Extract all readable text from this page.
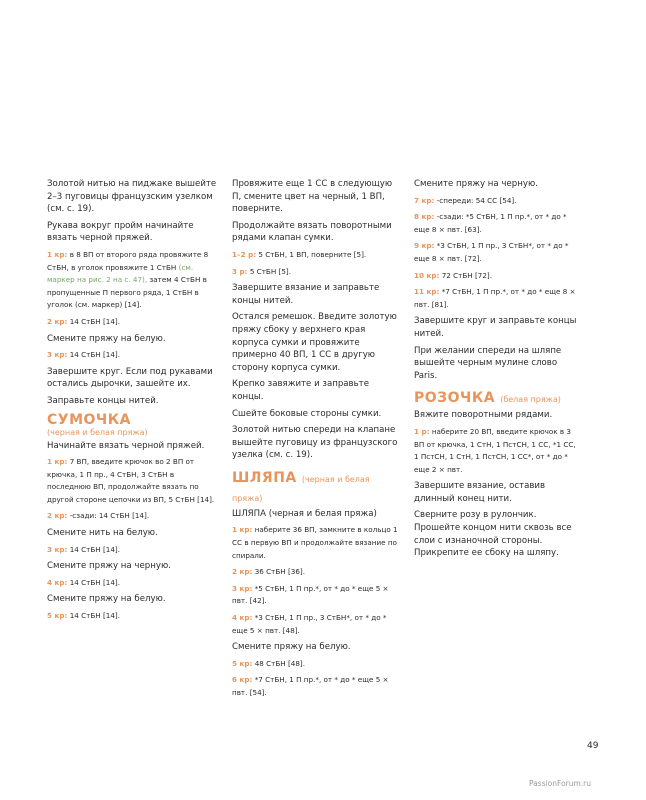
Золотой нитью на пиджаке вышейте 2–3 пуговицы французским узелком (см. с. 19).

Рукава вокруг пройм начинайте вязать черной пряжей.

1 кр: в 8 ВП от второго ряда провяжите 8 СтБН, в уголок провяжите 1 СтБН (см. маркер на рис. 2 на с. 47), затем 4 СтБН в пропущенные П первого ряда, 1 СтБН в уголок (см. маркер) [14].

2 кр: 14 СтБН [14].

Смените пряжу на белую.

3 кр: 14 СтБН [14].

Завершите круг. Если под рукавами остались дырочки, зашейте их.

Заправьте концы нитей.

СУМОЧКА
(черная и белая пряжа)

Начинайте вязать черной пряжей.

1 кр: 7 ВП, введите крючок во 2 ВП от крючка, 1 П пр., 4 СтБН, 3 СтБН в последнюю ВП, продолжайте вязать по другой стороне цепочки из ВП, 5 СтБН [14].

2 кр: -сзади: 14 СтБН [14].

Смените нить на белую.

3 кр: 14 СтБН [14].

Смените пряжу на черную.

4 кр: 14 СтБН [14].

Смените пряжу на белую.

5 кр: 14 СтБН [14].

Провяжите еще 1 СС в следующую П, смените цвет на черный, 1 ВП, поверните.

Продолжайте вязать поворотными рядами клапан сумки.

1–2 р: 5 СтБН, 1 ВП, поверните [5].

3 р: 5 СтБН [5].

Завершите вязание и заправьте концы нитей.

Остался ремешок. Введите золотую пряжу сбоку у верхнего края корпуса сумки и провяжите примерно 40 ВП, 1 СС в другую сторону корпуса сумки.

Крепко завяжите и заправьте концы.

Сшейте боковые стороны сумки.

Золотой нитью спереди на клапане вышейте пуговицу из французского узелка (см. с. 19).

ШЛЯПА (черная и белая пряжа)

ШЛЯПА (черная и белая пряжа)

1 кр: наберите 36 ВП, замкните в кольцо 1 СС в первую ВП и продолжайте вязание по спирали.

2 кр: 36 СтБН [36].

3 кр: *5 СтБН, 1 П пр.*, от * до * еще 5 × пвт. [42].

4 кр: *3 СтБН, 1 П пр., 3 СтБН*, от * до * еще 5 × пвт. [48].

Смените пряжу на белую.

5 кр: 48 СтБН [48].

6 кр: *7 СтБН, 1 П пр.*, от * до * еще 5 × пвт. [54].

Смените пряжу на черную.

7 кр: -спереди: 54 СС [54].

8 кр: -сзади: *5 СтБН, 1 П пр.*, от * до * еще 8 × пвт. [63].

9 кр: *3 СтБН, 1 П пр., 3 СтБН*, от * до * еще 8 × пвт. [72].

10 кр: 72 СтБН [72].

11 кр: *7 СтБН, 1 П пр.*, от * до * еще 8 × пвт. [81].

Завершите круг и заправьте концы нитей.

При желании спереди на шляпе вышейте черным мулине слово Paris.

РОЗОЧКА (белая пряжа)

Вяжите поворотными рядами.

1 р: наберите 20 ВП, введите крючок в 3 ВП от крючка, 1 СтН, 1 ПстСН, 1 СС, *1 СС, 1 ПстСН, 1 СтН, 1 ПстСН, 1 СС*, от * до * еще 2 × пвт.

Завершите вязание, оставив длинный конец нити.

Сверните розу в рулончик. Прошейте концом нити сквозь все слои с изнаночной стороны. Прикрепите ее сбоку на шляпу.

49
PassionForum.ru
